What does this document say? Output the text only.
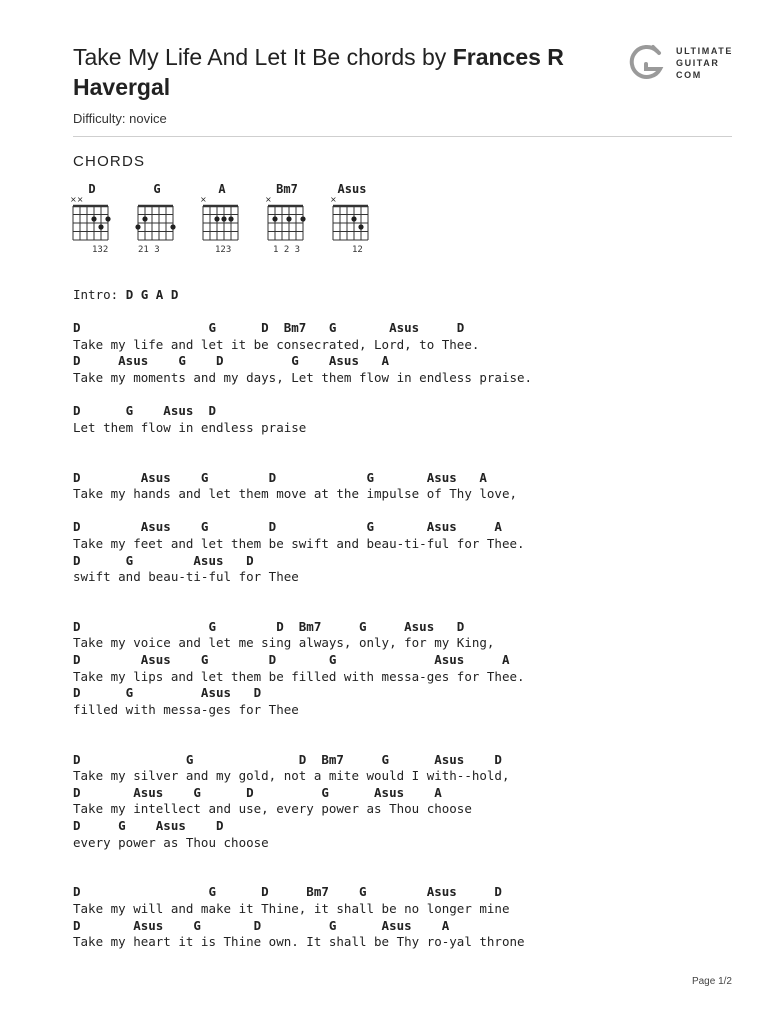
Take My Life And Let It Be chords by Frances R Havergal
Difficulty: novice
ULTIMATE
GUITAR
COM
CHORDS
D
××
132
G
21 3
A
×
123
Bm7
×
1 2 3
Asus
×
12
Intro: D G A D
D                 G      D  Bm7   G       Asus     D
Take my life and let it be consecrated, Lord, to Thee.
D     Asus    G    D         G    Asus   A
Take my moments and my days, Let them flow in endless praise.
D      G    Asus  D
Let them flow in endless praise
D        Asus    G        D            G       Asus   A
Take my hands and let them move at the impulse of Thy love,
D        Asus    G        D            G       Asus     A
Take my feet and let them be swift and beau-ti-ful for Thee.
D      G        Asus   D
swift and beau-ti-ful for Thee
D                 G        D  Bm7     G     Asus   D
Take my voice and let me sing always, only, for my King,
D        Asus    G        D       G             Asus     A
Take my lips and let them be filled with messa-ges for Thee.
D      G         Asus   D
filled with messa-ges for Thee
D              G              D  Bm7     G      Asus    D
Take my silver and my gold, not a mite would I with--hold,
D       Asus    G      D         G      Asus    A
Take my intellect and use, every power as Thou choose
D     G    Asus    D
every power as Thou choose
D                 G      D     Bm7    G        Asus     D
Take my will and make it Thine, it shall be no longer mine
D       Asus    G       D         G      Asus    A
Take my heart it is Thine own. It shall be Thy ro-yal throne
Page 1/2
